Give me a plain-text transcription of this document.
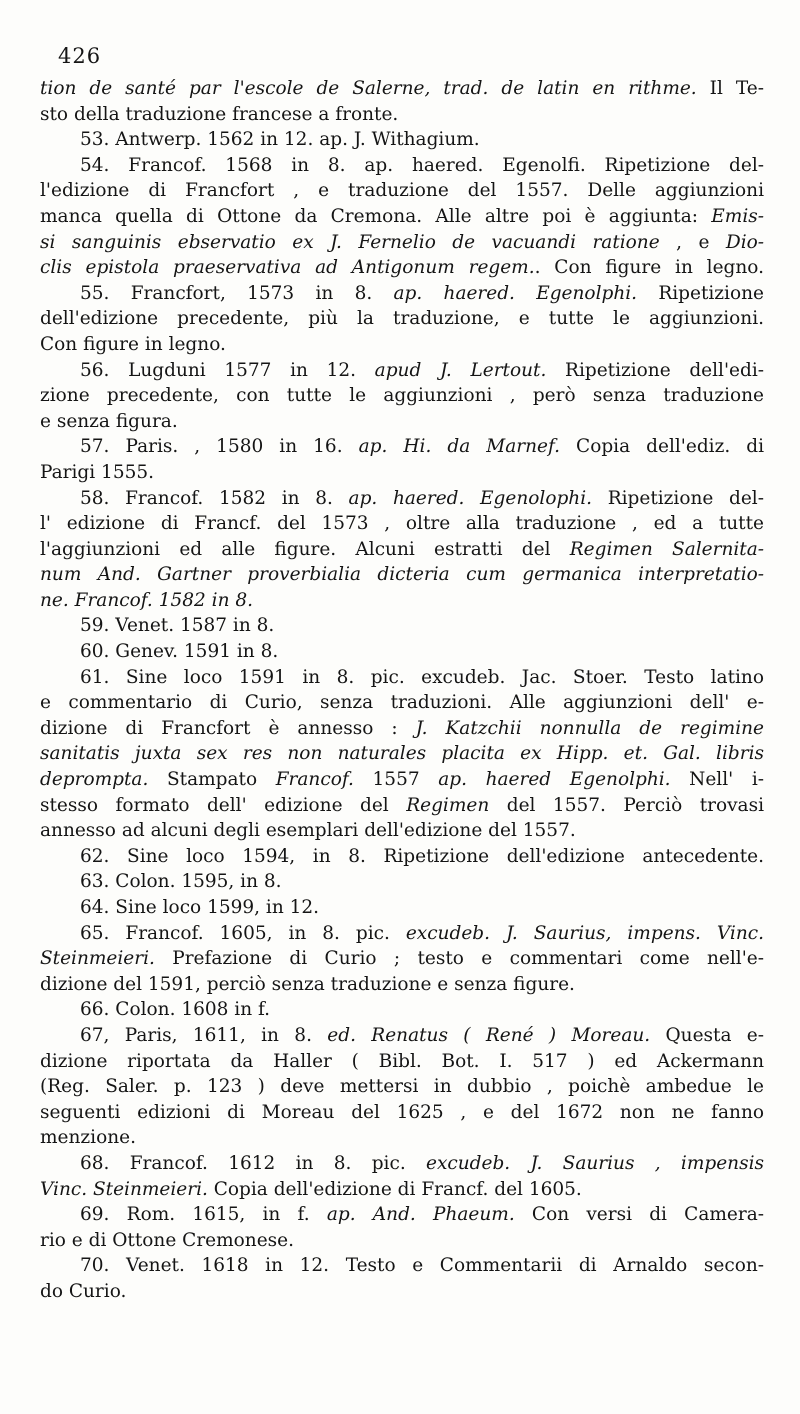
426
tion de santé par l'escole de Salerne, trad. de latin en rithme. Il Te-
sto della traduzione francese a fronte.
53. Antwerp. 1562 in 12. ap. J. Withagium.
54. Francof. 1568 in 8. ap. haered. Egenolfi. Ripetizione del-
l'edizione di Francfort , e traduzione del 1557. Delle aggiunzioni
manca quella di Ottone da Cremona. Alle altre poi è aggiunta: Emis-
si sanguinis ebservatio ex J. Fernelio de vacuandi ratione , e Dio-
clis epistola praeservativa ad Antigonum regem.. Con figure in legno.
55. Francfort, 1573 in 8. ap. haered. Egenolphi. Ripetizione
dell'edizione precedente, più la traduzione, e tutte le aggiunzioni.
Con figure in legno.
56. Lugduni 1577 in 12. apud J. Lertout. Ripetizione dell'edi-
zione precedente, con tutte le aggiunzioni , però senza traduzione
e senza figura.
57. Paris. , 1580 in 16. ap. Hi. da Marnef. Copia dell'ediz. di
Parigi 1555.
58. Francof. 1582 in 8. ap. haered. Egenolophi. Ripetizione del-
l' edizione di Francf. del 1573 , oltre alla traduzione , ed a tutte
l'aggiunzioni ed alle figure. Alcuni estratti del Regimen Salernita-
num And. Gartner proverbialia dicteria cum germanica interpretatio-
ne. Francof. 1582 in 8.
59. Venet. 1587 in 8.
60. Genev. 1591 in 8.
61. Sine loco 1591 in 8. pic. excudeb. Jac. Stoer. Testo latino
e commentario di Curio, senza traduzioni. Alle aggiunzioni dell' e-
dizione di Francfort è annesso : J. Katzchii nonnulla de regimine
sanitatis juxta sex res non naturales placita ex Hipp. et. Gal. libris
deprompta. Stampato Francof. 1557 ap. haered Egenolphi. Nell' i-
stesso formato dell' edizione del Regimen del 1557. Perciò trovasi
annesso ad alcuni degli esemplari dell'edizione del 1557.
62. Sine loco 1594, in 8. Ripetizione dell'edizione antecedente.
63. Colon. 1595, in 8.
64. Sine loco 1599, in 12.
65. Francof. 1605, in 8. pic. excudeb. J. Saurius, impens. Vinc.
Steinmeieri. Prefazione di Curio ; testo e commentari come nell'e-
dizione del 1591, perciò senza traduzione e senza figure.
66. Colon. 1608 in f.
67, Paris, 1611, in 8. ed. Renatus ( René ) Moreau. Questa e-
dizione riportata da Haller ( Bibl. Bot. I. 517 ) ed Ackermann
(Reg. Saler. p. 123 ) deve mettersi in dubbio , poichè ambedue le
seguenti edizioni di Moreau del 1625 , e del 1672 non ne fanno
menzione.
68. Francof. 1612 in 8. pic. excudeb. J. Saurius , impensis
Vinc. Steinmeieri. Copia dell'edizione di Francf. del 1605.
69. Rom. 1615, in f. ap. And. Phaeum. Con versi di Camera-
rio e di Ottone Cremonese.
70. Venet. 1618 in 12. Testo e Commentarii di Arnaldo secon-
do Curio.
